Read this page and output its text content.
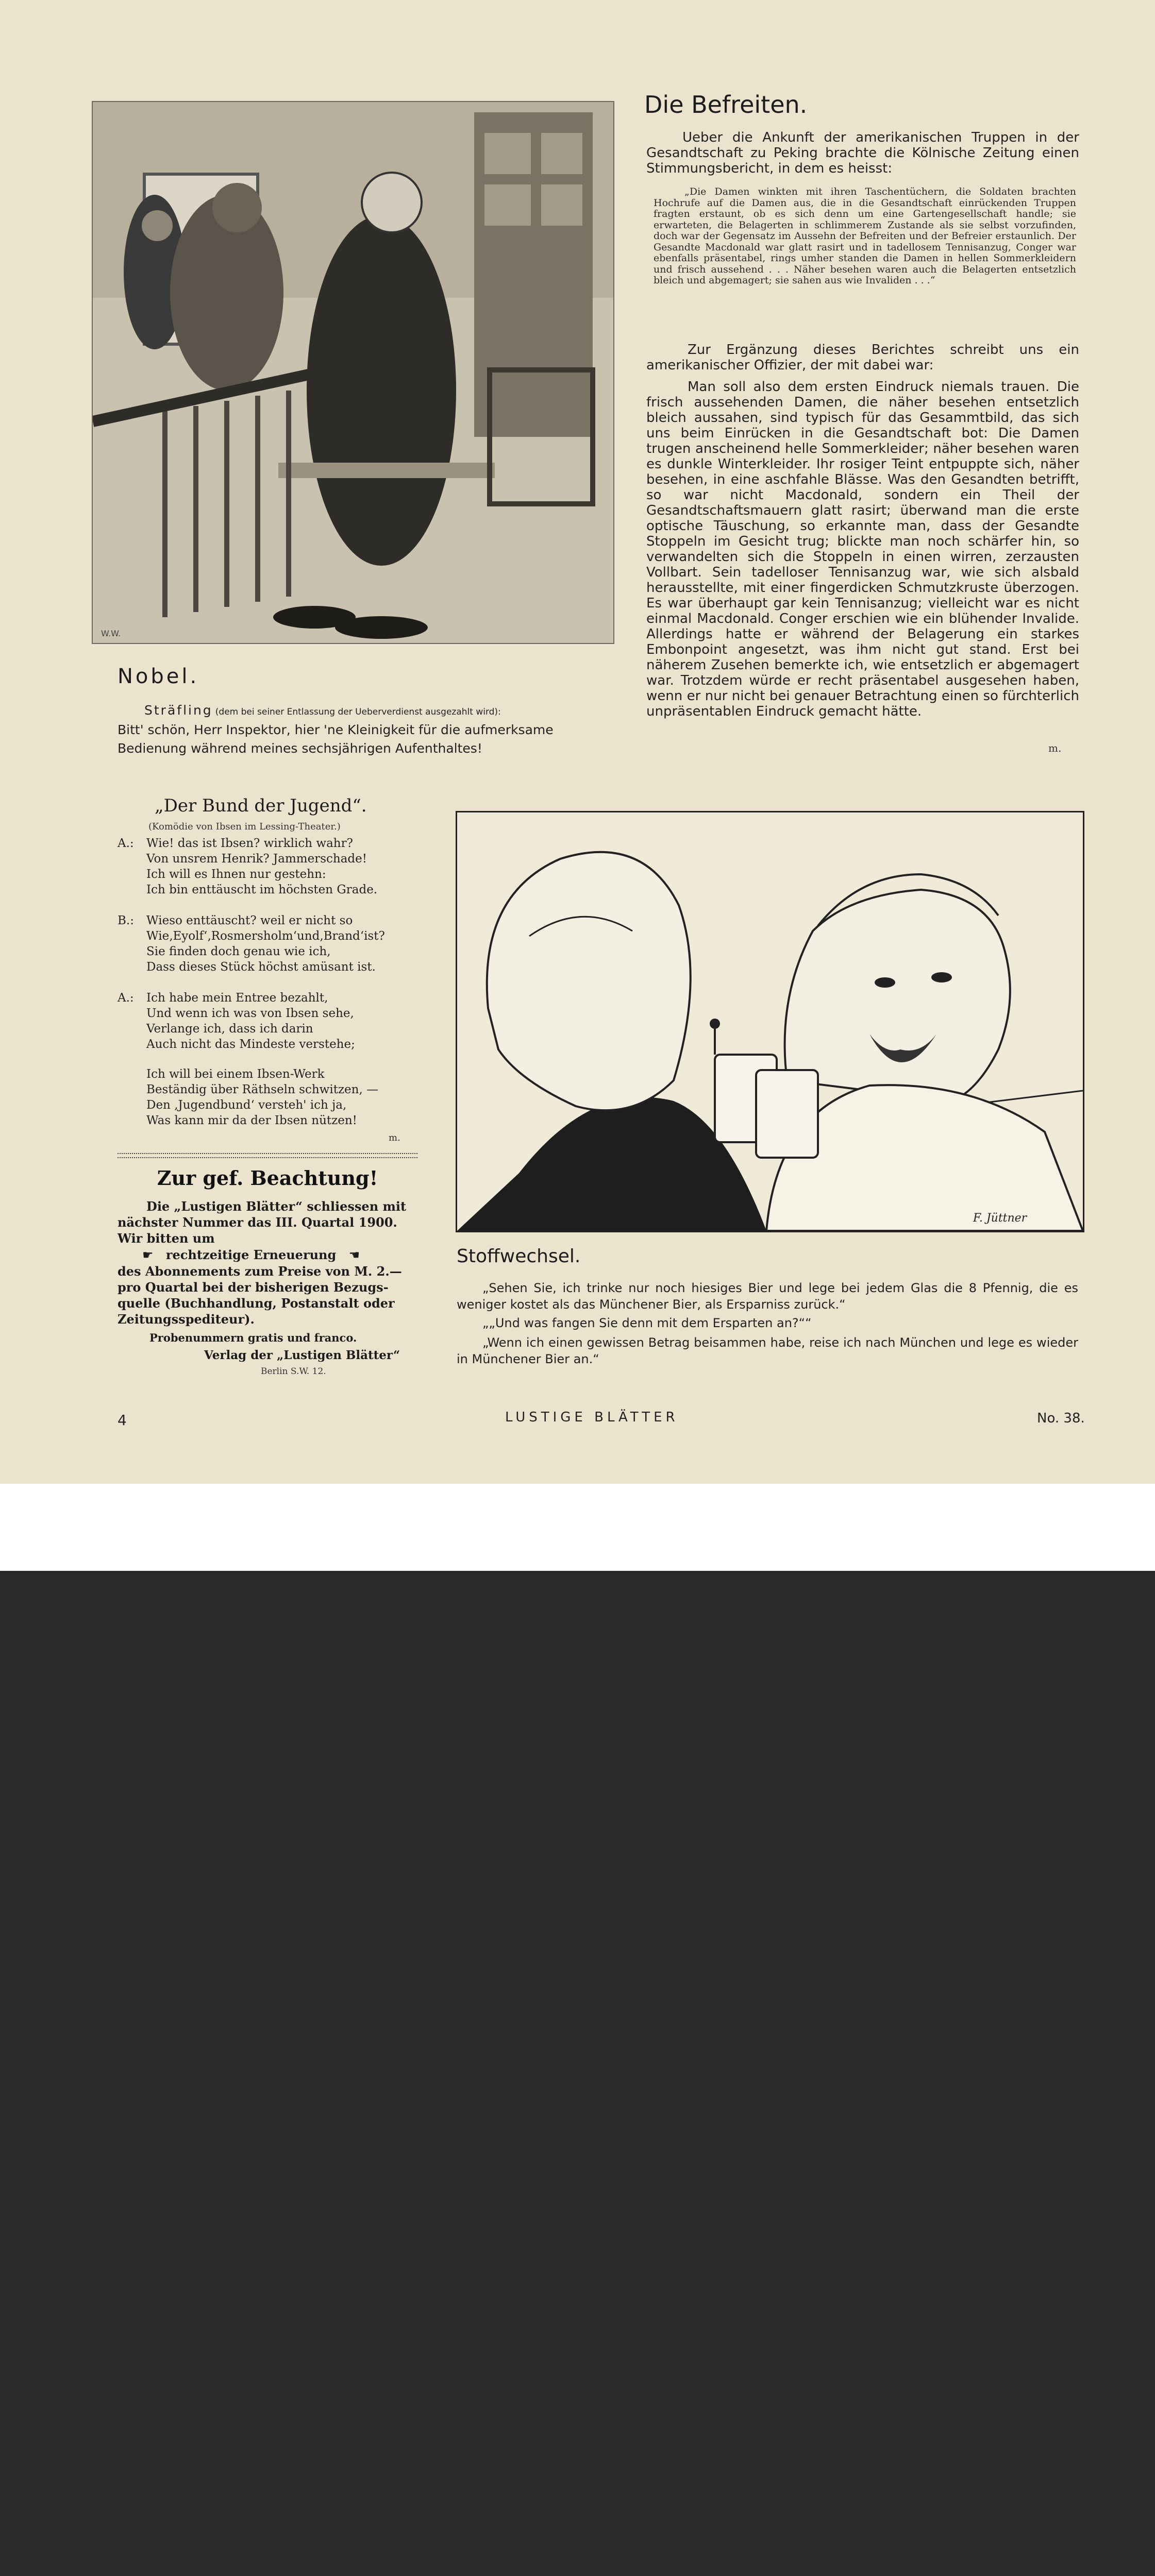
W.W.
Die Befreiten.

Ueber die Ankunft der amerikanischen Truppen in der Gesandtschaft zu Peking brachte die Kölnische Zeitung einen Stimmungsbericht, in dem es heisst:

„Die Damen winkten mit ihren Taschentüchern, die Soldaten brachten Hochrufe auf die Damen aus, die in die Gesandtschaft einrückenden Truppen fragten erstaunt, ob es sich denn um eine Gartengesellschaft handle; sie erwarteten, die Belagerten in schlimmerem Zustande als sie selbst vorzufinden, doch war der Gegensatz im Aussehn der Befreiten und der Befreier erstaunlich. Der Gesandte Macdonald war glatt rasirt und in tadellosem Tennisanzug, Conger war ebenfalls präsentabel, rings umher standen die Damen in hellen Sommerkleidern und frisch aussehend . . . Näher besehen waren auch die Belagerten entsetzlich bleich und abgemagert; sie sahen aus wie Invaliden . . .“

Zur Ergänzung dieses Berichtes schreibt uns ein amerikanischer Offizier, der mit dabei war:

Man soll also dem ersten Eindruck niemals trauen. Die frisch aussehenden Damen, die näher besehen entsetzlich bleich aussahen, sind typisch für das Gesammtbild, das sich uns beim Einrücken in die Gesandtschaft bot: Die Damen trugen anscheinend helle Sommerkleider; näher besehen waren es dunkle Winterkleider. Ihr rosiger Teint entpuppte sich, näher besehen, in eine aschfahle Blässe. Was den Gesandten betrifft, so war nicht Macdonald, sondern ein Theil der Gesandtschaftsmauern glatt rasirt; überwand man die erste optische Täuschung, so erkannte man, dass der Gesandte Stoppeln im Gesicht trug; blickte man noch schärfer hin, so verwandelten sich die Stoppeln in einen wirren, zerzausten Vollbart. Sein tadelloser Tennisanzug war, wie sich alsbald herausstellte, mit einer fingerdicken Schmutzkruste überzogen. Es war überhaupt gar kein Tennisanzug; vielleicht war es nicht einmal Macdonald. Conger erschien wie ein blühender Invalide. Allerdings hatte er während der Belagerung ein starkes Embonpoint angesetzt, was ihm nicht gut stand. Erst bei näherem Zusehen bemerkte ich, wie entsetzlich er abgemagert war. Trotzdem würde er recht präsentabel ausgesehen haben, wenn er nur nicht bei genauer Betrachtung einen so fürchterlich unpräsentablen Eindruck gemacht hätte.

m.
Nobel.
Sträfling (dem bei seiner Entlassung der Ueberverdienst ausgezahlt wird):
Bitt' schön, Herr Inspektor, hier 'ne Kleinigkeit für die aufmerksame
Bedienung während meines sechsjährigen Aufenthaltes!
„Der Bund der Jugend“.
(Komödie von Ibsen im Lessing-Theater.)
A.: Wie! das ist Ibsen? wirklich wahr?
Von unsrem Henrik? Jammerschade!
Ich will es Ihnen nur gestehn:
Ich bin enttäuscht im höchsten Grade.
B.: Wieso enttäuscht? weil er nicht so
Wie‚Eyolf‘‚Rosmersholm‘und‚Brand‘ist?
Sie finden doch genau wie ich,
Dass dieses Stück höchst amüsant ist.
A.: Ich habe mein Entree bezahlt,
Und wenn ich was von Ibsen sehe,
Verlange ich, dass ich darin
Auch nicht das Mindeste verstehe;
Ich will bei einem Ibsen-Werk
Beständig über Räthseln schwitzen, —
Den ‚Jugendbund‘ versteh' ich ja,
Was kann mir da der Ibsen nützen!
m.
Zur gef. Beachtung!
Die „Lustigen Blätter“ schliessen mit
nächster Nummer das III. Quartal 1900.
Wir bitten um
☛ rechtzeitige Erneuerung ☚
des Abonnements zum Preise von M. 2.—
pro Quartal bei der bisherigen Bezugs-
quelle (Buchhandlung, Postanstalt oder
Zeitungsspediteur).
Probenummern gratis und franco.
Verlag der „Lustigen Blätter“
Berlin S.W. 12.
F. Jüttner
Stoffwechsel.

„Sehen Sie, ich trinke nur noch hiesiges Bier und lege bei jedem Glas die 8 Pfennig, die es weniger kostet als das Münchener Bier, als Ersparniss zurück.“

„„Und was fangen Sie denn mit dem Ersparten an?““

„Wenn ich einen gewissen Betrag beisammen habe, reise ich nach München und lege es wieder in Münchener Bier an.“

4	LUSTIGE BLÄTTER	No. 38.
